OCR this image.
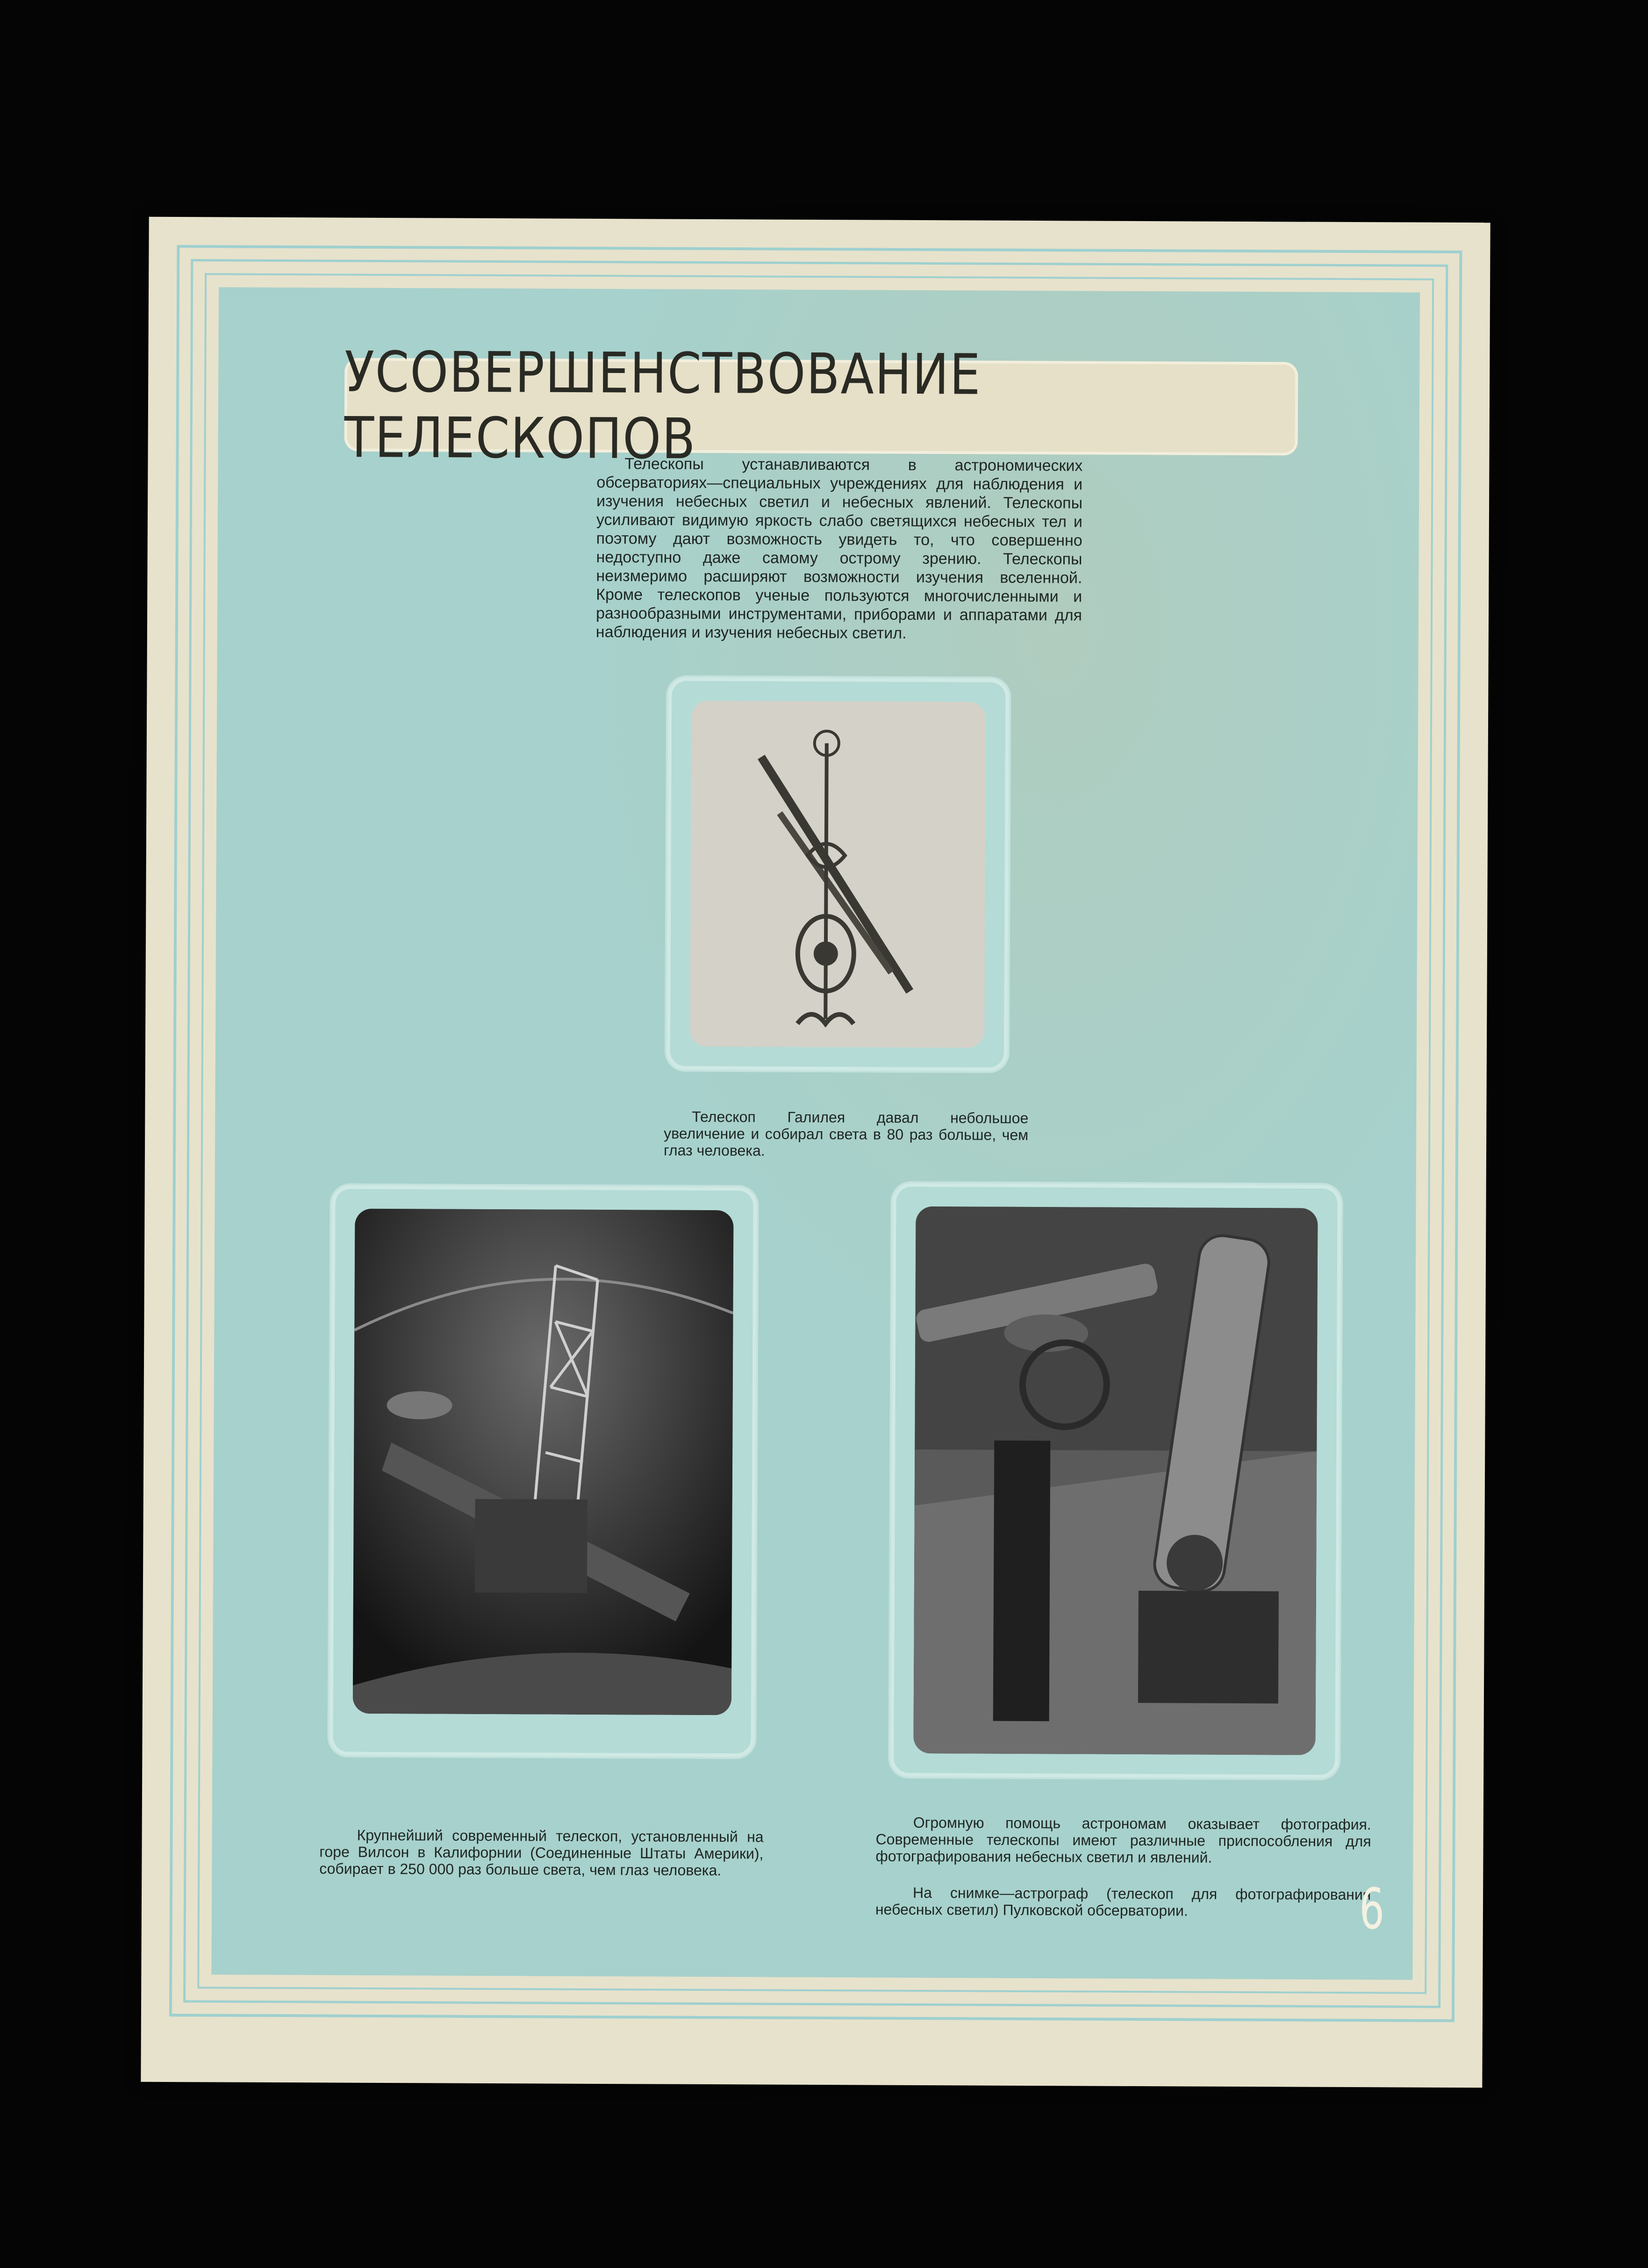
УСОВЕРШЕНСТВОВАНИЕ ТЕЛЕСКОПОВ

Телескопы устанавливаются в астрономических обсерваториях—специальных учреждениях для наблюдения и изучения небесных светил и небесных явлений. Телескопы усиливают видимую яркость слабо светящихся небесных тел и поэтому дают возможность увидеть то, что совершенно недоступно даже самому острому зрению. Телескопы неизмеримо расширяют возможности изучения вселенной. Кроме телескопов ученые пользуются многочисленными и разнообразными инструментами, приборами и аппаратами для наблюдения и изучения небесных светил.

Телескоп Галилея давал небольшое увеличение и собирал света в 80 раз больше, чем глаз человека.

Крупнейший современный телескоп, установленный на горе Вилсон в Калифорнии (Соединенные Штаты Америки), собирает в 250 000 раз больше света, чем глаз человека.

Огромную помощь астрономам оказывает фотография. Современные телескопы имеют различные приспособления для фотографирования небесных светил и явлений.

На снимке—астрограф (телескоп для фотографирования небесных светил) Пулковской обсерватории.	6
